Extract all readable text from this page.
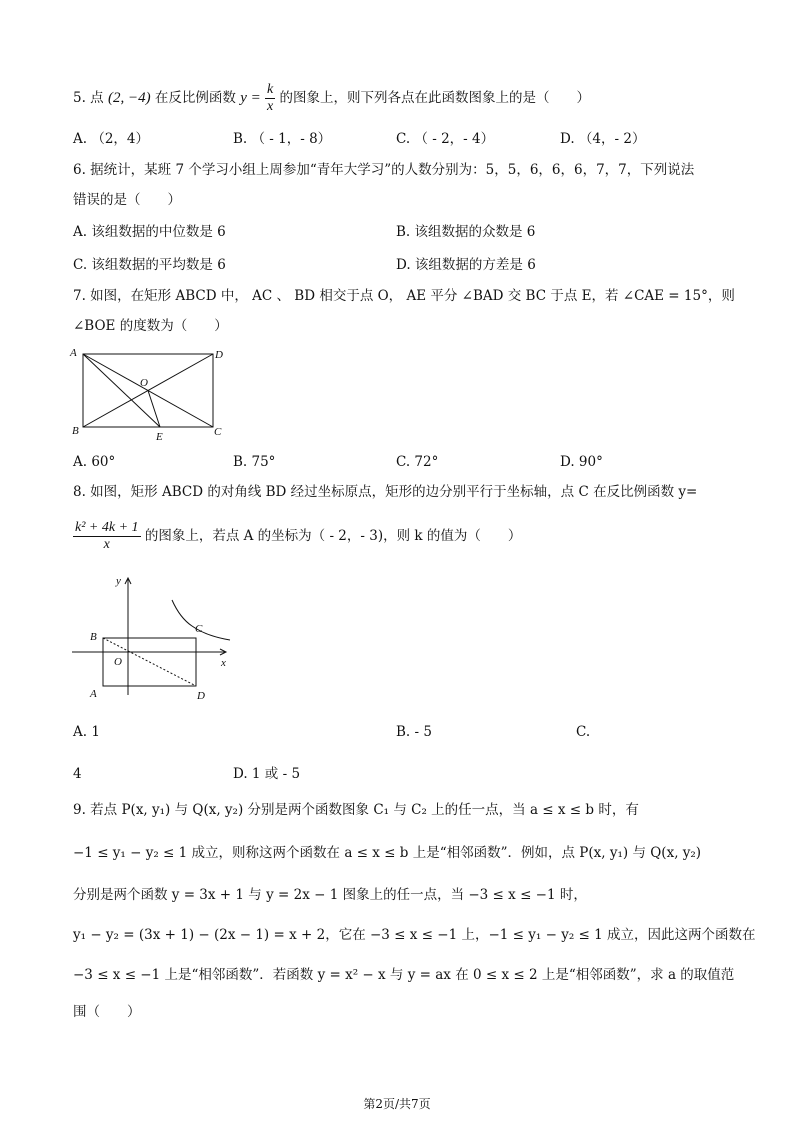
5. 点 (2, −4) 在反比例函数 $y = \frac{k}{x}$ 的图象上，则下列各点在此函数图象上的是（　　）
A. （2，4）	B. （ - 1，- 8）	C. （ - 2，- 4）	D. （4，- 2）
6. 据统计，某班 7 个学习小组上周参加“青年大学习”的人数分别为：5，5，6，6，6，7，7，下列说法
错误的是（　　）
A. 该组数据的中位数是 6	B. 该组数据的众数是 6
C. 该组数据的平均数是 6	D. 该组数据的方差是 6
7. 如图，在矩形 ABCD 中， AC 、 BD 相交于点 O， AE 平分 ∠BAD 交 BC 于点 E，若 ∠CAE = 15°，则
∠BOE 的度数为（　　）
A	D
B	C
O
E
A. 60°	B. 75°	C. 72°	D. 90°
8. 如图，矩形 ABCD 的对角线 BD 经过坐标原点，矩形的边分别平行于坐标轴，点 C 在反比例函数 y=
$\frac{\text{k² + 4k + 1}}{x}$ 的图象上，若点 A 的坐标为（ - 2，- 3)，则 k 的值为（　　）
y
x
B
C
O
A	D
A. 1	B. - 5	C.
4	D. 1 或 - 5
9. 若点 P(x, y₁) 与 Q(x, y₂) 分别是两个函数图象 C₁ 与 C₂ 上的任一点，当 a ≤ x ≤ b 时，有
−1 ≤ y₁ − y₂ ≤ 1 成立，则称这两个函数在 a ≤ x ≤ b 上是“相邻函数”．例如，点 P(x, y₁) 与 Q(x, y₂)
分别是两个函数 y = 3x + 1 与 y = 2x − 1 图象上的任一点，当 −3 ≤ x ≤ −1 时，
y₁ − y₂ = (3x + 1) − (2x − 1) = x + 2，它在 −3 ≤ x ≤ −1 上，−1 ≤ y₁ − y₂ ≤ 1 成立，因此这两个函数在
−3 ≤ x ≤ −1 上是“相邻函数”．若函数 y = x² − x 与 y = ax 在 0 ≤ x ≤ 2 上是“相邻函数”，求 a 的取值范
围（　　）
第2页/共7页
